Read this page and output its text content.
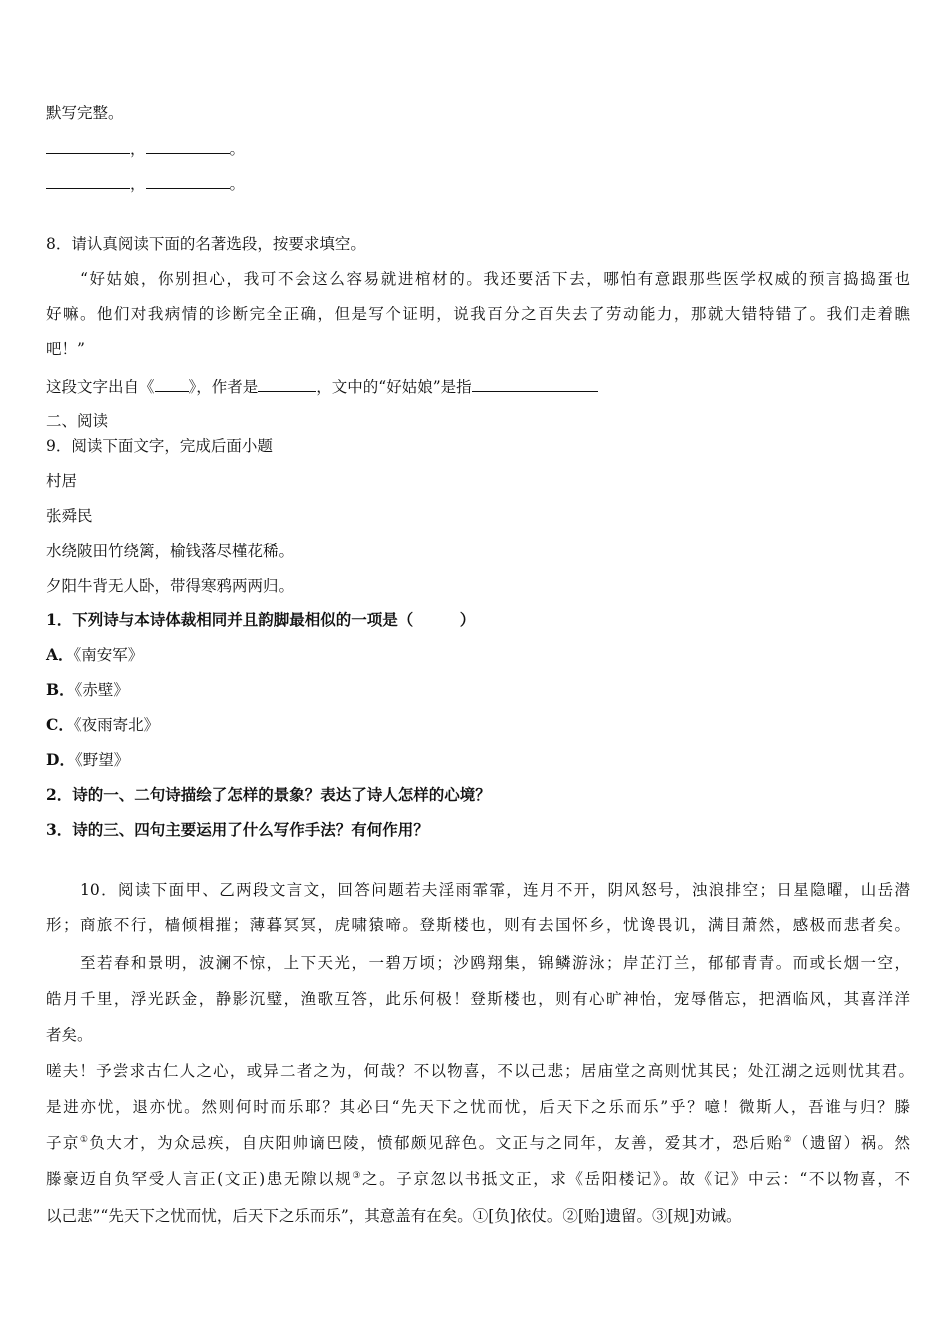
默写完整。
，	。
，	。
8．请认真阅读下面的名著选段，按要求填空。
“好姑娘，你别担心，我可不会这么容易就进棺材的。我还要活下去，哪怕有意跟那些医学权威的预言捣捣蛋也
好嘛。他们对我病情的诊断完全正确，但是写个证明，说我百分之百失去了劳动能力，那就大错特错了。我们走着瞧
吧！”
这段文字出自《 》，作者是	，文中的“好姑娘”是指
二、阅读
9．阅读下面文字，完成后面小题
村居
张舜民
水绕陂田竹绕篱，榆钱落尽槿花稀。
夕阳牛背无人卧，带得寒鸦两两归。
1．下列诗与本诗体裁相同并且韵脚最相似的一项是（　　　）
A．《南安军》
B．《赤壁》
C．《夜雨寄北》
D．《野望》
2．诗的一、二句诗描绘了怎样的景象？表达了诗人怎样的心境？
3．诗的三、四句主要运用了什么写作手法？有何作用？
10．阅读下面甲、乙两段文言文，回答问题若夫淫雨霏霏，连月不开，阴风怒号，浊浪排空；日星隐曜，山岳潜
形；商旅不行，樯倾楫摧；薄暮冥冥，虎啸猿啼。登斯楼也，则有去国怀乡，忧谗畏讥，满目萧然，感极而悲者矣。
至若春和景明，波澜不惊，上下天光，一碧万顷；沙鸥翔集，锦鳞游泳；岸芷汀兰，郁郁青青。而或长烟一空，
皓月千里，浮光跃金，静影沉璧，渔歌互答，此乐何极！登斯楼也，则有心旷神怡，宠辱偕忘，把酒临风，其喜洋洋
者矣。
嗟夫！予尝求古仁人之心，或异二者之为，何哉？不以物喜，不以己悲；居庙堂之高则忧其民；处江湖之远则忧其君。
是进亦忧，退亦忧。然则何时而乐耶？其必曰“先天下之忧而忧，后天下之乐而乐”乎？噫！微斯人，吾谁与归？滕
子京①负大才，为众忌疾，自庆阳帅谪巴陵，愤郁颇见辞色。文正与之同年，友善，爱其才，恐后贻②（遗留）祸。然
滕豪迈自负罕受人言正(文正)患无隙以规③之。子京忽以书抵文正，求《岳阳楼记》。故《记》中云：“不以物喜，不
以己悲”“先天下之忧而忧，后天下之乐而乐”，其意盖有在矣。①[负]依仗。②[贻]遗留。③[规]劝诫。
